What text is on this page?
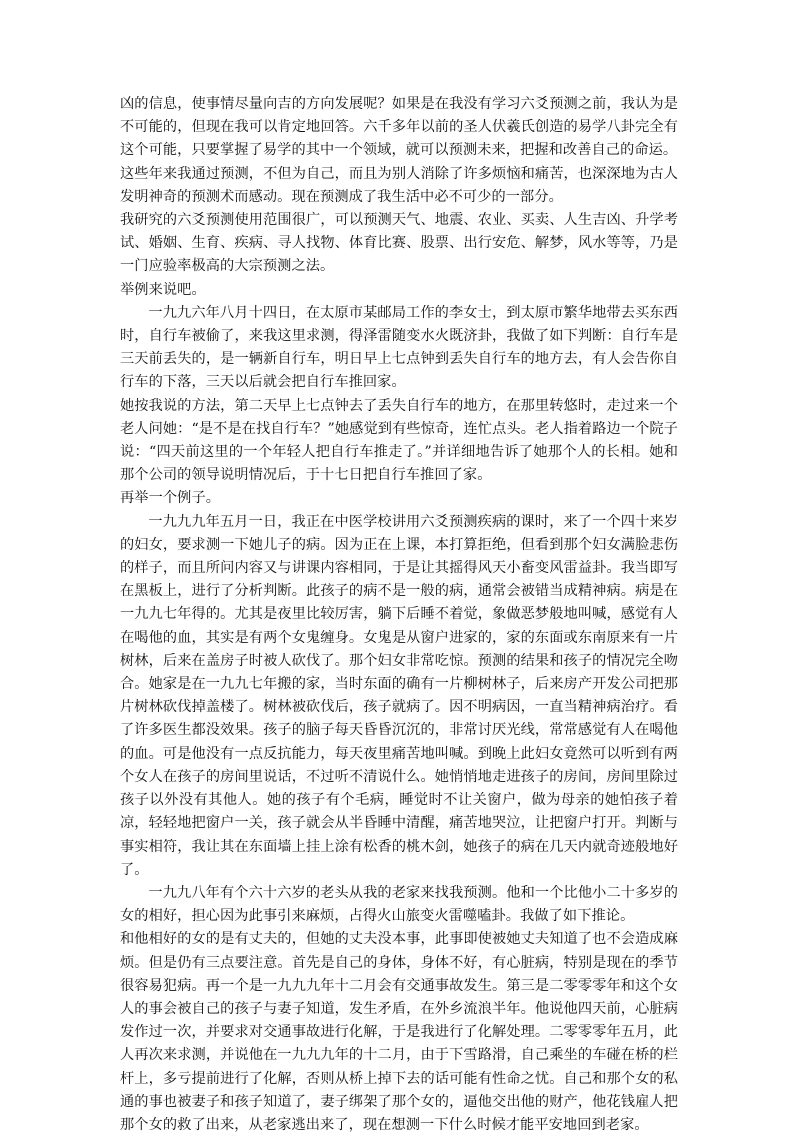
凶的信息，使事情尽量向吉的方向发展呢？如果是在我没有学习六爻预测之前，我认为是不可能的，但现在我可以肯定地回答。六千多年以前的圣人伏羲氏创造的易学八卦完全有这个可能，只要掌握了易学的其中一个领域，就可以预测未来，把握和改善自己的命运。

这些年来我通过预测，不但为自己，而且为别人消除了许多烦恼和痛苦，也深深地为古人发明神奇的预测术而感动。现在预测成了我生活中必不可少的一部分。

我研究的六爻预测使用范围很广，可以预测天气、地震、农业、买卖、人生吉凶、升学考试、婚姻、生育、疾病、寻人找物、体育比赛、股票、出行安危、解梦，风水等等，乃是一门应验率极高的大宗预测之法。

举例来说吧。

一九九六年八月十四日，在太原市某邮局工作的李女士，到太原市繁华地带去买东西时，自行车被偷了，来我这里求测，得泽雷随变水火既济卦，我做了如下判断：自行车是三天前丢失的，是一辆新自行车，明日早上七点钟到丢失自行车的地方去，有人会告你自行车的下落，三天以后就会把自行车推回家。

她按我说的方法，第二天早上七点钟去了丢失自行车的地方，在那里转悠时，走过来一个老人问她：“是不是在找自行车？”她感觉到有些惊奇，连忙点头。老人指着路边一个院子说：“四天前这里的一个年轻人把自行车推走了。”并详细地告诉了她那个人的长相。她和那个公司的领导说明情况后，于十七日把自行车推回了家。

再举一个例子。

一九九九年五月一日，我正在中医学校讲用六爻预测疾病的课时，来了一个四十来岁的妇女，要求测一下她儿子的病。因为正在上课，本打算拒绝，但看到那个妇女满脸悲伤的样子，而且所问内容又与讲课内容相同，于是让其摇得风天小畜变风雷益卦。我当即写在黑板上，进行了分析判断。此孩子的病不是一般的病，通常会被错当成精神病。病是在一九九七年得的。尤其是夜里比较厉害，躺下后睡不着觉，象做恶梦般地叫喊，感觉有人在喝他的血，其实是有两个女鬼缠身。女鬼是从窗户进家的，家的东面或东南原来有一片树林，后来在盖房子时被人砍伐了。那个妇女非常吃惊。预测的结果和孩子的情况完全吻合。她家是在一九九七年搬的家，当时东面的确有一片柳树林子，后来房产开发公司把那片树林砍伐掉盖楼了。树林被砍伐后，孩子就病了。因不明病因，一直当精神病治疗。看了许多医生都没效果。孩子的脑子每天昏昏沉沉的，非常讨厌光线，常常感觉有人在喝他的血。可是他没有一点反抗能力，每天夜里痛苦地叫喊。到晚上此妇女竟然可以听到有两个女人在孩子的房间里说话，不过听不清说什么。她悄悄地走进孩子的房间，房间里除过孩子以外没有其他人。她的孩子有个毛病，睡觉时不让关窗户，做为母亲的她怕孩子着凉，轻轻地把窗户一关，孩子就会从半昏睡中清醒，痛苦地哭泣，让把窗户打开。判断与事实相符，我让其在东面墙上挂上涂有松香的桃木剑，她孩子的病在几天内就奇迹般地好了。

一九九八年有个六十六岁的老头从我的老家来找我预测。他和一个比他小二十多岁的女的相好，担心因为此事引来麻烦，占得火山旅变火雷噬嗑卦。我做了如下推论。

和他相好的女的是有丈夫的，但她的丈夫没本事，此事即使被她丈夫知道了也不会造成麻烦。但是仍有三点要注意。首先是自己的身体，身体不好，有心脏病，特别是现在的季节很容易犯病。再一个是一九九九年十二月会有交通事故发生。第三是二零零零年和这个女人的事会被自己的孩子与妻子知道，发生矛盾，在外乡流浪半年。他说他四天前，心脏病发作过一次，并要求对交通事故进行化解，于是我进行了化解处理。二零零零年五月，此人再次来求测，并说他在一九九九年的十二月，由于下雪路滑，自己乘坐的车碰在桥的栏杆上，多亏提前进行了化解，否则从桥上掉下去的话可能有性命之忧。自己和那个女的私通的事也被妻子和孩子知道了，妻子绑架了那个女的，逼他交出他的财产，他花钱雇人把那个女的救了出来，从老家逃出来了，现在想测一下什么时候才能平安地回到老家。
